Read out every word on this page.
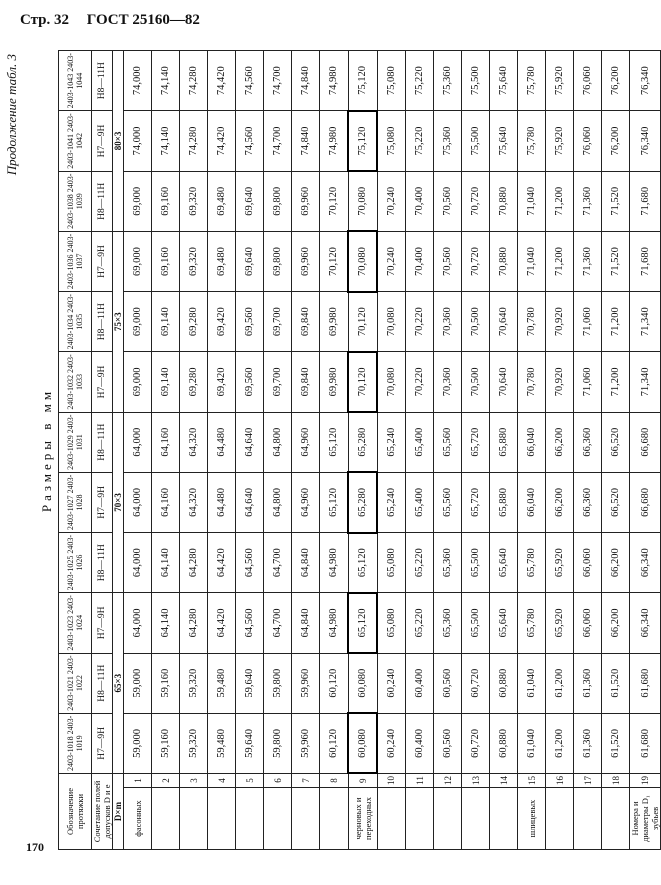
Стр. 32 ГОСТ 25160—82
Продолжение табл. 3
Размеры в мм
Обозначение протяжки		2403-1018 2403-1019	2403-1021 2403-1022	2403-1023 2403-1024	2403-1025 2403-1026	2403-1027 2403-1028	2403-1029 2403-1031	2403-1032 2403-1033	2403-1034 2403-1035	2403-1036 2403-1037	2403-1038 2403-1039	2403-1041 2403-1042	2403-1043 2403-1044
Сочетание полей допусков D и e		H7—9H	H8—11H	H7—9H	H8—11H	H7—9H	H8—11H	H7—9H	H8—11H	H7—9H	H8—11H	H7—9H	H8—11H
D×m		65×3			70×3			75×3			80×3		
фасонных	1	59,000	59,000	64,000	64,000	64,000	64,000	69,000	69,000	69,000	69,000	74,000	74,000
	2	59,160	59,160	64,140	64,140	64,160	64,160	69,140	69,140	69,160	69,160	74,140	74,140
	3	59,320	59,320	64,280	64,280	64,320	64,320	69,280	69,280	69,320	69,320	74,280	74,280
	4	59,480	59,480	64,420	64,420	64,480	64,480	69,420	69,420	69,480	69,480	74,420	74,420
	5	59,640	59,640	64,560	64,560	64,640	64,640	69,560	69,560	69,640	69,640	74,560	74,560
	6	59,800	59,800	64,700	64,700	64,800	64,800	69,700	69,700	69,800	69,800	74,700	74,700
	7	59,960	59,960	64,840	64,840	64,960	64,960	69,840	69,840	69,960	69,960	74,840	74,840
	8	60,120	60,120	64,980	64,980	65,120	65,120	69,980	69,980	70,120	70,120	74,980	74,980
черновых и переходных	9	60,080	60,080	65,120	65,120	65,280	65,280	70,120	70,120	70,080	70,080	75,120	75,120
	10	60,240	60,240	65,080	65,080	65,240	65,240	70,080	70,080	70,240	70,240	75,080	75,080
	11	60,400	60,400	65,220	65,220	65,400	65,400	70,220	70,220	70,400	70,400	75,220	75,220
	12	60,560	60,560	65,360	65,360	65,560	65,560	70,360	70,360	70,560	70,560	75,360	75,360
	13	60,720	60,720	65,500	65,500	65,720	65,720	70,500	70,500	70,720	70,720	75,500	75,500
	14	60,880	60,880	65,640	65,640	65,880	65,880	70,640	70,640	70,880	70,880	75,640	75,640
шлицевых	15	61,040	61,040	65,780	65,780	66,040	66,040	70,780	70,780	71,040	71,040	75,780	75,780
	16	61,200	61,200	65,920	65,920	66,200	66,200	70,920	70,920	71,200	71,200	75,920	75,920
	17	61,360	61,360	66,060	66,060	66,360	66,360	71,060	71,060	71,360	71,360	76,060	76,060
	18	61,520	61,520	66,200	66,200	66,520	66,520	71,200	71,200	71,520	71,520	76,200	76,200
Номера и диаметры D₁ зубьев	19	61,680	61,680	66,340	66,340	66,680	66,680	71,340	71,340	71,680	71,680	76,340	76,340
170
